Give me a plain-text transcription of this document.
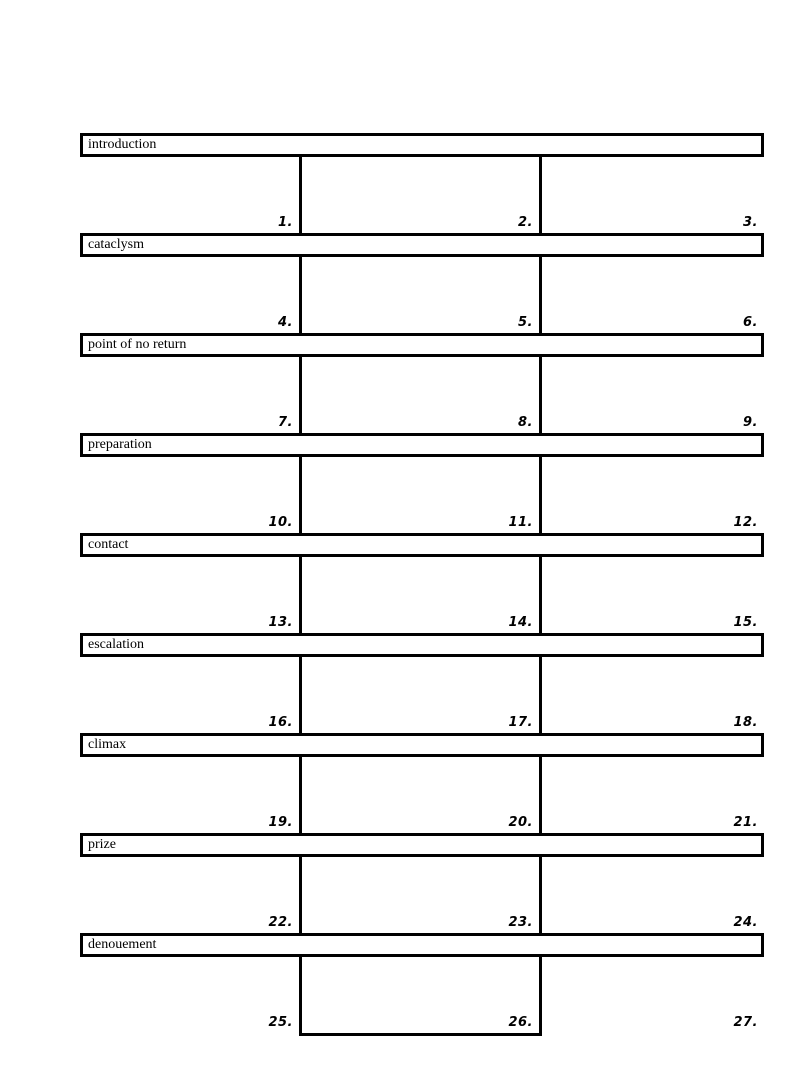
introduction
1.	2.	3.
cataclysm
4.	5.	6.
point of no return
7.	8.	9.
preparation
10.	11.	12.
contact
13.	14.	15.
escalation
16.	17.	18.
climax
19.	20.	21.
prize
22.	23.	24.
denouement
25.	26.	27.
